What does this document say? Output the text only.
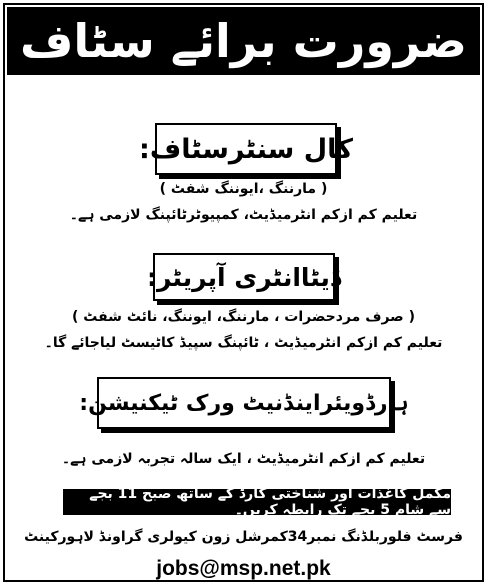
ضرورت برائے سٹاف
کال سنٹرسٹاف:
( مارننگ ،ایوننگ شفٹ )
تعلیم کم ازکم انٹرمیڈیٹ، کمپیوٹرٹائپنگ لازمی ہے۔
ڈیٹاانٹری آپریٹر:
( صرف مردحضرات ، مارننگ، ایوننگ، نائٹ شفٹ )
تعلیم کم ازکم انٹرمیڈیٹ ، ٹائپنگ سپیڈ کاٹیسٹ لیاجائے گا۔
ہارڈویئراینڈنیٹ ورک ٹیکنیشن:
تعلیم کم ازکم انٹرمیڈیٹ ، ایک سالہ تجربہ لازمی ہے۔
مکمل کاغذات اور شناختی کارڈ کے ساتھ صبح 11 بجے سے شام 5 بجے تک رابطہ کریں۔
فرسٹ فلوربلڈنگ نمبر34کمرشل زون کیولری گراونڈ لاہورکینٹ
jobs@msp.net.pk
